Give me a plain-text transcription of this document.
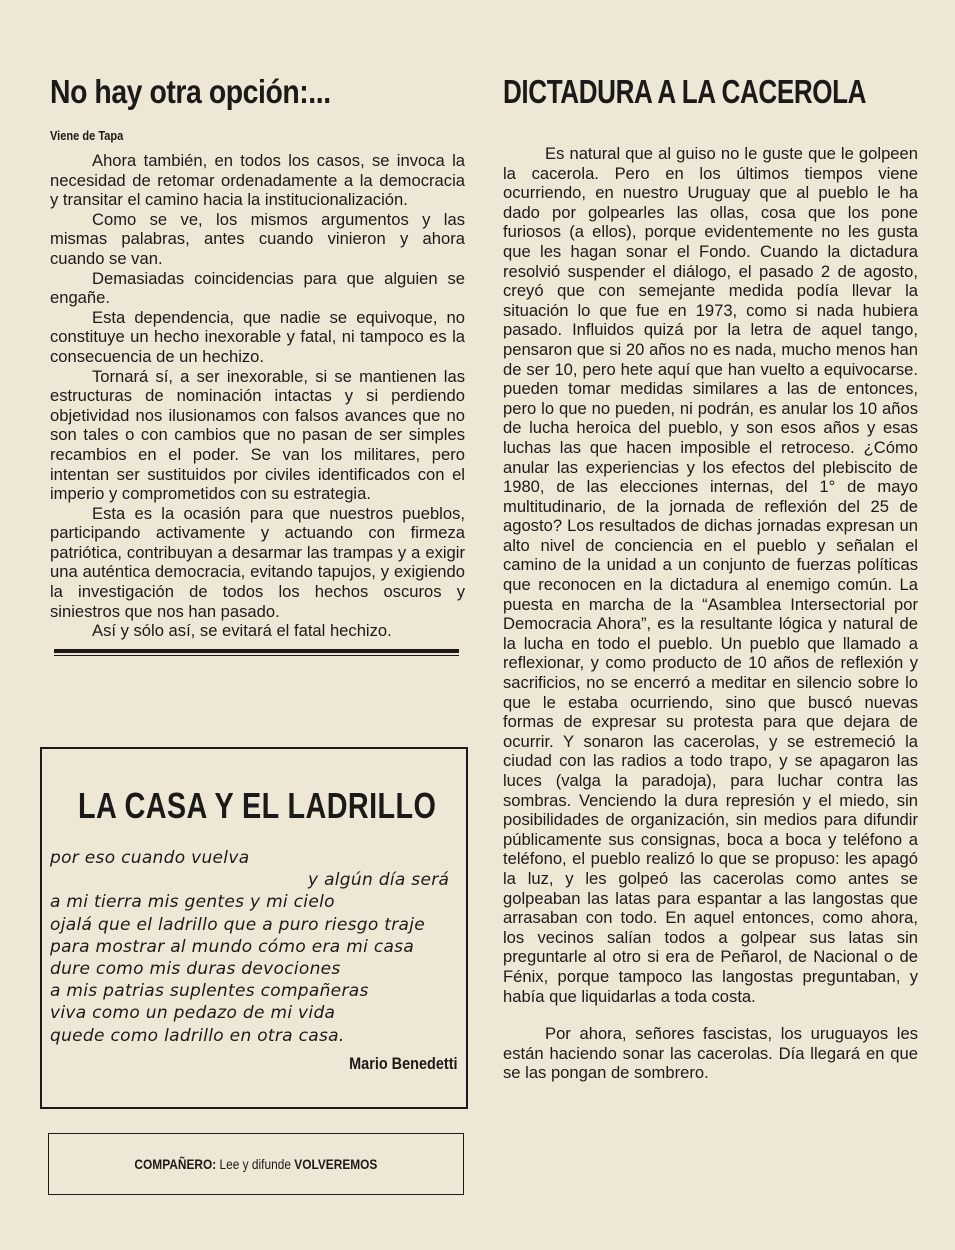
No hay otra opción:...
Viene de Tapa

Ahora también, en todos los casos, se invoca la necesidad de retomar ordenadamente a la democracia y transitar el camino hacia la institucionalización.

Como se ve, los mismos argumentos y las mismas palabras, antes cuando vinieron y ahora cuando se van.

Demasiadas coincidencias para que alguien se engañe.

Esta dependencia, que nadie se equivoque, no constituye un hecho inexorable y fatal, ni tampoco es la consecuencia de un hechizo.

Tornará sí, a ser inexorable, si se mantienen las estructuras de nominación intactas y si perdiendo objetividad nos ilusionamos con falsos avances que no son tales o con cambios que no pasan de ser simples recambios en el poder. Se van los militares, pero intentan ser sustituidos por civiles identificados con el imperio y comprometidos con su estrategia.

Esta es la ocasión para que nuestros pueblos, participando activamente y actuando con firmeza patriótica, contribuyan a desarmar las trampas y a exigir una auténtica democracia, evitando tapujos, y exigiendo la investigación de todos los hechos oscuros y siniestros que nos han pasado.

Así y sólo así, se evitará el fatal hechizo.

LA CASA Y EL LADRILLO
por eso cuando vuelva
y algún día será
a mi tierra mis gentes y mi cielo
ojalá que el ladrillo que a puro riesgo traje
para mostrar al mundo cómo era mi casa
dure como mis duras devociones
a mis patrias suplentes compañeras
viva como un pedazo de mi vida
quede como ladrillo en otra casa.
Mario Benedetti
COMPAÑERO: Lee y difunde VOLVEREMOS
DICTADURA A LA CACEROLA

Es natural que al guiso no le guste que le golpeen la cacerola. Pero en los últimos tiempos viene ocurriendo, en nuestro Uruguay que al pueblo le ha dado por golpearles las ollas, cosa que los pone furiosos (a ellos), porque evidentemente no les gusta que les hagan sonar el Fondo. Cuando la dictadura resolvió suspender el diálogo, el pasado 2 de agosto, creyó que con semejante medida podía llevar la situación lo que fue en 1973, como si nada hubiera pasado. Influidos quizá por la letra de aquel tango, pensaron que si 20 años no es nada, mucho menos han de ser 10, pero hete aquí que han vuelto a equivocarse. pueden tomar medidas similares a las de entonces, pero lo que no pueden, ni podrán, es anular los 10 años de lucha heroica del pueblo, y son esos años y esas luchas las que hacen imposible el retroceso. ¿Cómo anular las experiencias y los efectos del plebiscito de 1980, de las elecciones internas, del 1° de mayo multitudinario, de la jornada de reflexión del 25 de agosto? Los resultados de dichas jornadas expresan un alto nivel de conciencia en el pueblo y señalan el camino de la unidad a un conjunto de fuerzas políticas que reconocen en la dictadura al enemigo común. La puesta en marcha de la “Asamblea Intersectorial por Democracia Ahora”, es la resultante lógica y natural de la lucha en todo el pueblo. Un pueblo que llamado a reflexionar, y como producto de 10 años de reflexión y sacrificios, no se encerró a meditar en silencio sobre lo que le estaba ocurriendo, sino que buscó nuevas formas de expresar su protesta para que dejara de ocurrir. Y sonaron las cacerolas, y se estremeció la ciudad con las radios a todo trapo, y se apagaron las luces (valga la paradoja), para luchar contra las sombras. Venciendo la dura represión y el miedo, sin posibilidades de organización, sin medios para difundir públicamente sus consignas, boca a boca y teléfono a teléfono, el pueblo realizó lo que se propuso: les apagó la luz, y les golpeó las cacerolas como antes se golpeaban las latas para espantar a las langostas que arrasaban con todo. En aquel entonces, como ahora, los vecinos salían todos a golpear sus latas sin preguntarle al otro si era de Peñarol, de Nacional o de Fénix, porque tampoco las langostas preguntaban, y había que liquidarlas a toda costa.

Por ahora, señores fascistas, los uruguayos les están haciendo sonar las cacerolas. Día llegará en que se las pongan de sombrero.
